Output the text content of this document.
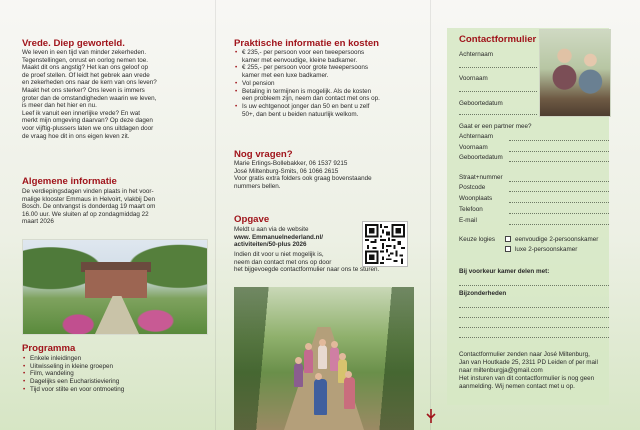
Vrede. Diep geworteld.
We leven in een tijd van minder zekerheden.
Tegenstellingen, onrust en oorlog nemen toe.
Maakt dit ons angstig? Het kan ons geloof op
de proef stellen. Of leidt het gebrek aan vrede
en zekerheden ons naar de kern van ons leven?
Maakt het ons sterker? Ons leven is immers
groter dan de omstandigheden waarin we leven,
is meer dan het hier en nu.
Leef ik vanuit een innerlijke vrede? En wat
merkt mijn omgeving daarvan? Op deze dagen
voor vijftig-plussers laten we ons uitdagen door
de vraag hoe dit in ons eigen leven zit.
Algemene informatie
De verdiepingsdagen vinden plaats in het voor-
malige klooster Emmaus in Helvoirt, vlakbij Den
Bosch. De ontvangst is donderdag 19 maart om
16.00 uur. We sluiten af op zondagmiddag 22
maart 2026
Programma
• Enkele inleidingen
• Uitwisseling in kleine groepen
• Film, wandeling
• Dagelijks een Eucharistieviering
• Tijd voor stilte en voor ontmoeting
Praktische informatie en kosten
• € 235,- per persoon voor een tweepersoons
kamer met eenvoudige, kleine badkamer.
• € 255,- per persoon voor grote tweepersoons
kamer met een luxe badkamer.
• Vol pension
• Betaling in termijnen is mogelijk. Als de kosten
een probleem zijn, neem dan contact met ons op.
• Is uw echtgenoot jonger dan 50 en bent u zelf
50+, dan bent u beiden natuurlijk welkom.
Nog vragen?
Marie Erlings-Bollebakker, 06 1537 9215
José Miltenburg-Smits, 06 1066 2615
Voor gratis extra folders ook graag bovenstaande
nummers bellen.
Opgave
Meldt u aan via de website
www. Emmanuelnederland.nl/
activiteiten/50-plus 2026
Indien dit voor u niet mogelijk is,
neem dan contact met ons op door
het bijgevoegde contactformulier naar ons te sturen.
Contactformulier
Achternaam
Voornaam
Geboortedatum
Gaat er een partner mee?
Achternaam
Voornaam
Geboortedatum
Straat+nummer
Postcode
Woonplaats
Telefoon
E-mail
Keuze logies	eenvoudige 2-persoonskamer
luxe 2-persoonskamer
Bij voorkeur kamer delen met:
Bijzonderheden
Contactformulier zenden naar José Miltenburg,
Jan van Houtkade 25, 2311 PD Leiden of per mail
naar miltenburgja@gmail.com
Het insturen van dit contactformulier is nog geen
aanmelding. Wij nemen contact met u op.
